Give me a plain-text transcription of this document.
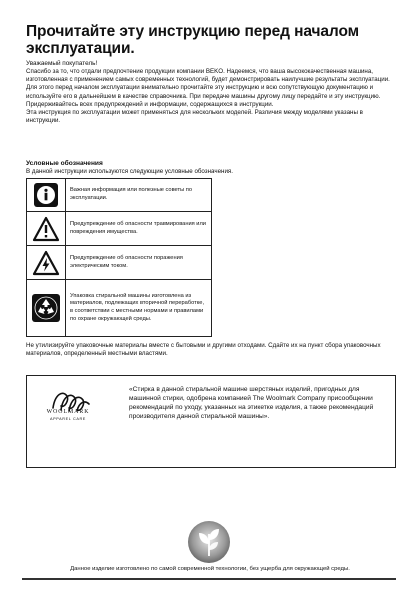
Прочитайте эту инструкцию перед началом эксплуатации.
Уважаемый покупатель!
Спасибо за то, что отдали предпочтение продукции компании BEKO. Надеемся, что ваша высококачественная машина, изготовленная с применением самых современных технологий, будет демонстрировать наилучшие результаты эксплуатации. Для этого перед началом эксплуатации внимательно прочитайте эту инструкцию и всю сопутствующую документацию и используйте его в дальнейшем в качестве справочника. При передаче машины другому лицу передайте и эту инструкцию. Придерживайтесь всех предупреждений и информации, содержащихся в инструкции.
Эта инструкция по эксплуатации может применяться для нескольких моделей. Различия между моделями указаны в инструкции.
Условные обозначения
В данной инструкции используются следующие условные обозначения.
Важная информация или полезные советы по эксплуатации.
Предупреждение об опасности травмирования или повреждения имущества.
Предупреждение об опасности поражения электрическим током.
Упаковка стиральной машины изготовлена из материалов, подлежащих вторичной переработке, в соответствии с местными нормами и правилами по охране окружающей среды.
Не утилизируйте упаковочные материалы вместе с бытовыми и другими отходами. Сдайте их на пункт сбора упаковочных материалов, определенный местными властями.
WOOLMARK
APPAREL CARE
«Стирка в данной стиральной машине шерстяных изделий, пригодных для машинной стирки, одобрена компанией The Woolmark Company присообщении рекомендаций по уходу, указанных на этикетке изделия, а также рекомендаций производителя данной стиральной машины».
Данное изделие изготовлено по самой современной технологии, без ущерба для окружающей среды.
